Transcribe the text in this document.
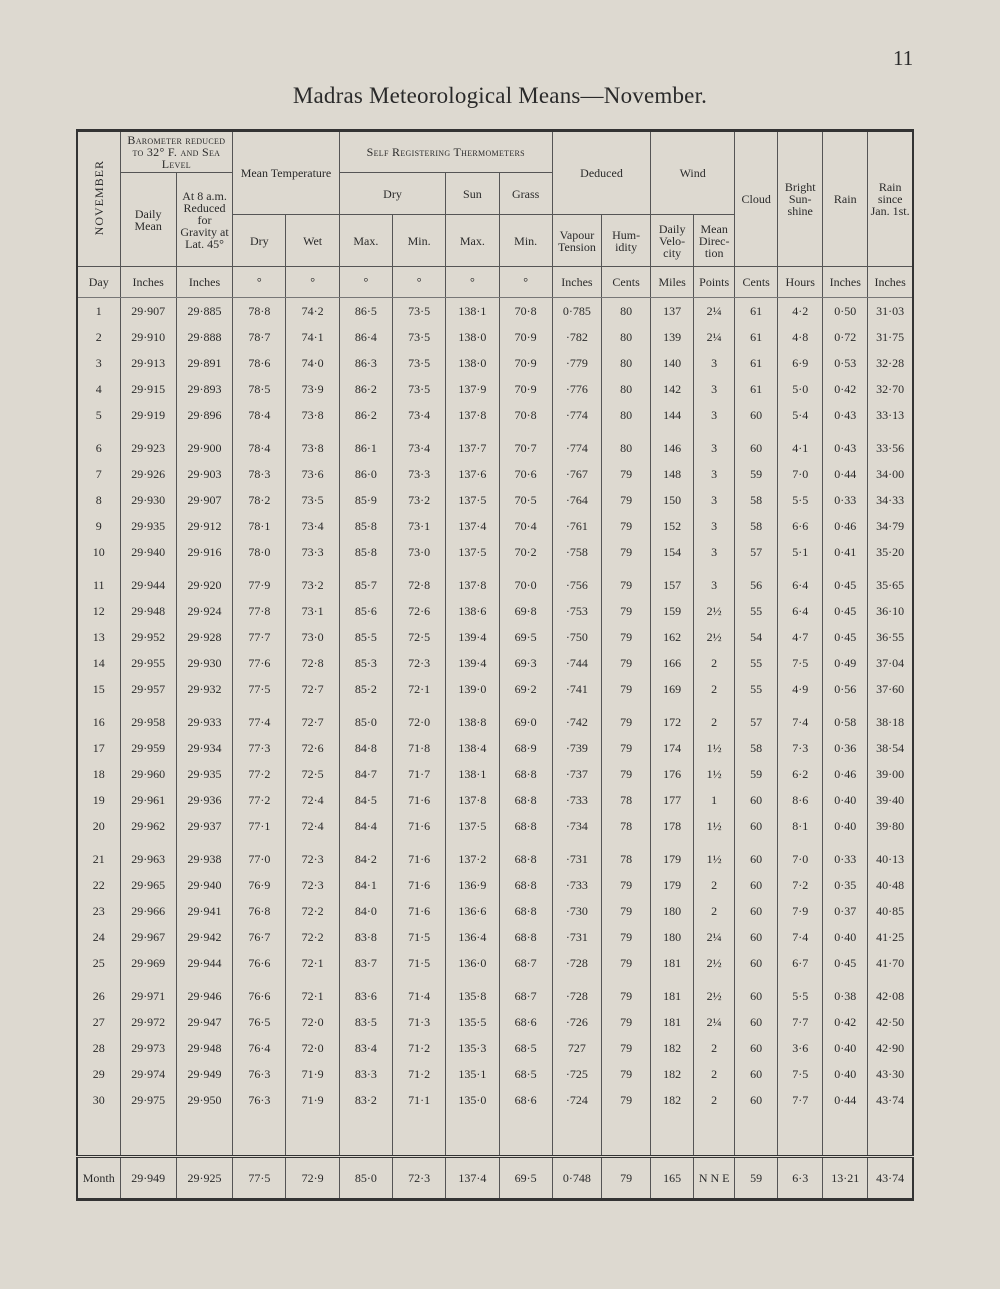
11
Madras Meteorological Means—November.
NOVEMBER	Barometer reduced to 32° F. and Sea Level		Mean Temperature		Self Registering Thermometers				Deduced		Wind		Cloud	Bright Sun-shine	Rain	Rain since Jan. 1st.
	Daily Mean	At 8 a.m. Reduced for Gravity at Lat. 45°			Dry		Sun	Grass								
			Dry	Wet	Max.	Min.	Max.	Min.	Vapour Tension	Hum-idity	Daily Velo-city	Mean Direc-tion				
Day	Inches	Inches	°	°	°	°	°	°	Inches	Cents	Miles	Points	Cents	Hours	Inches	Inches
1	29·907	29·885	78·8	74·2	86·5	73·5	138·1	70·8	0·785	80	137	2¼	61	4·2	0·50	31·03
2	29·910	29·888	78·7	74·1	86·4	73·5	138·0	70·9	·782	80	139	2¼	61	4·8	0·72	31·75
3	29·913	29·891	78·6	74·0	86·3	73·5	138·0	70·9	·779	80	140	3	61	6·9	0·53	32·28
4	29·915	29·893	78·5	73·9	86·2	73·5	137·9	70·9	·776	80	142	3	61	5·0	0·42	32·70
5	29·919	29·896	78·4	73·8	86·2	73·4	137·8	70·8	·774	80	144	3	60	5·4	0·43	33·13

6	29·923	29·900	78·4	73·8	86·1	73·4	137·7	70·7	·774	80	146	3	60	4·1	0·43	33·56
7	29·926	29·903	78·3	73·6	86·0	73·3	137·6	70·6	·767	79	148	3	59	7·0	0·44	34·00
8	29·930	29·907	78·2	73·5	85·9	73·2	137·5	70·5	·764	79	150	3	58	5·5	0·33	34·33
9	29·935	29·912	78·1	73·4	85·8	73·1	137·4	70·4	·761	79	152	3	58	6·6	0·46	34·79
10	29·940	29·916	78·0	73·3	85·8	73·0	137·5	70·2	·758	79	154	3	57	5·1	0·41	35·20

11	29·944	29·920	77·9	73·2	85·7	72·8	137·8	70·0	·756	79	157	3	56	6·4	0·45	35·65
12	29·948	29·924	77·8	73·1	85·6	72·6	138·6	69·8	·753	79	159	2½	55	6·4	0·45	36·10
13	29·952	29·928	77·7	73·0	85·5	72·5	139·4	69·5	·750	79	162	2½	54	4·7	0·45	36·55
14	29·955	29·930	77·6	72·8	85·3	72·3	139·4	69·3	·744	79	166	2	55	7·5	0·49	37·04
15	29·957	29·932	77·5	72·7	85·2	72·1	139·0	69·2	·741	79	169	2	55	4·9	0·56	37·60

16	29·958	29·933	77·4	72·7	85·0	72·0	138·8	69·0	·742	79	172	2	57	7·4	0·58	38·18
17	29·959	29·934	77·3	72·6	84·8	71·8	138·4	68·9	·739	79	174	1½	58	7·3	0·36	38·54
18	29·960	29·935	77·2	72·5	84·7	71·7	138·1	68·8	·737	79	176	1½	59	6·2	0·46	39·00
19	29·961	29·936	77·2	72·4	84·5	71·6	137·8	68·8	·733	78	177	1	60	8·6	0·40	39·40
20	29·962	29·937	77·1	72·4	84·4	71·6	137·5	68·8	·734	78	178	1½	60	8·1	0·40	39·80

21	29·963	29·938	77·0	72·3	84·2	71·6	137·2	68·8	·731	78	179	1½	60	7·0	0·33	40·13
22	29·965	29·940	76·9	72·3	84·1	71·6	136·9	68·8	·733	79	179	2	60	7·2	0·35	40·48
23	29·966	29·941	76·8	72·2	84·0	71·6	136·6	68·8	·730	79	180	2	60	7·9	0·37	40·85
24	29·967	29·942	76·7	72·2	83·8	71·5	136·4	68·8	·731	79	180	2¼	60	7·4	0·40	41·25
25	29·969	29·944	76·6	72·1	83·7	71·5	136·0	68·7	·728	79	181	2½	60	6·7	0·45	41·70

26	29·971	29·946	76·6	72·1	83·6	71·4	135·8	68·7	·728	79	181	2½	60	5·5	0·38	42·08
27	29·972	29·947	76·5	72·0	83·5	71·3	135·5	68·6	·726	79	181	2¼	60	7·7	0·42	42·50
28	29·973	29·948	76·4	72·0	83·4	71·2	135·3	68·5	727	79	182	2	60	3·6	0·40	42·90
29	29·974	29·949	76·3	71·9	83·3	71·2	135·1	68·5	·725	79	182	2	60	7·5	0·40	43·30
30	29·975	29·950	76·3	71·9	83·2	71·1	135·0	68·6	·724	79	182	2	60	7·7	0·44	43·74

Month	29·949	29·925	77·5	72·9	85·0	72·3	137·4	69·5	0·748	79	165	N N E	59	6·3	13·21	43·74
